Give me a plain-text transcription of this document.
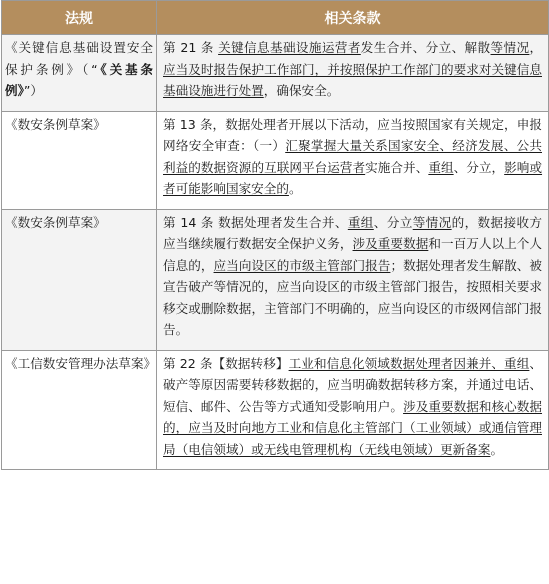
法规	相关条款
《关键信息基础设置安全保护条例》（“《关基条例》”）	第 21 条 关键信息基础设施运营者发生合并、分立、解散等情况，应当及时报告保护工作部门，并按照保护工作部门的要求对关键信息基础设施进行处置，确保安全。
《数安条例草案》	第 13 条，数据处理者开展以下活动，应当按照国家有关规定，申报网络安全审查：（一）汇聚掌握大量关系国家安全、经济发展、公共利益的数据资源的互联网平台运营者实施合并、重组、分立，影响或者可能影响国家安全的。
《数安条例草案》	第 14 条 数据处理者发生合并、重组、分立等情况的，数据接收方应当继续履行数据安全保护义务，涉及重要数据和一百万人以上个人信息的，应当向设区的市级主管部门报告；数据处理者发生解散、被宣告破产等情况的，应当向设区的市级主管部门报告，按照相关要求移交或删除数据，主管部门不明确的，应当向设区的市级网信部门报告。
《工信数安管理办法草案》	第 22 条【数据转移】工业和信息化领域数据处理者因兼并、重组、破产等原因需要转移数据的，应当明确数据转移方案，并通过电话、短信、邮件、公告等方式通知受影响用户。涉及重要数据和核心数据的，应当及时向地方工业和信息化主管部门（工业领域）或通信管理局（电信领域）或无线电管理机构（无线电领域）更新备案。
